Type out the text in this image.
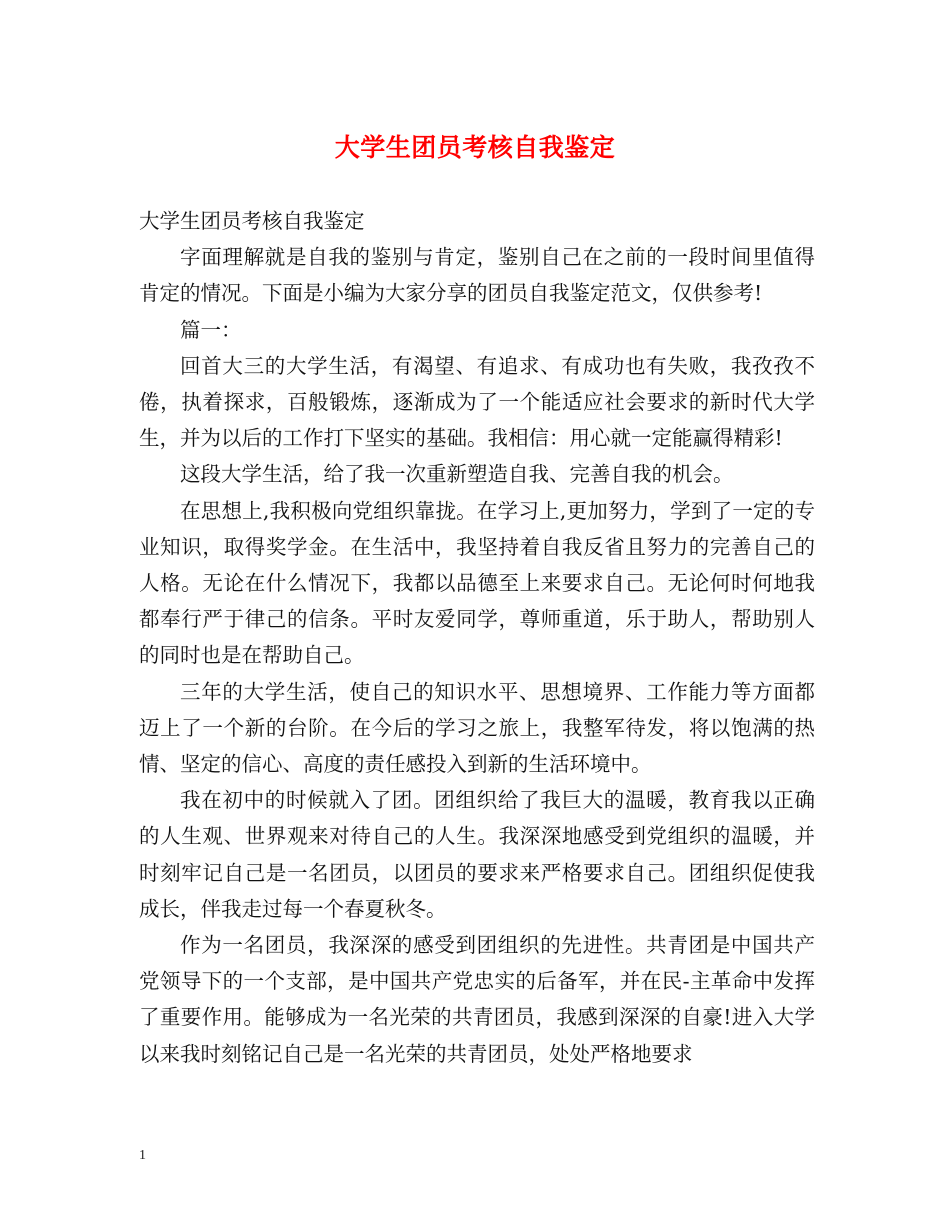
大学生团员考核自我鉴定

大学生团员考核自我鉴定

字面理解就是自我的鉴别与肯定，鉴别自己在之前的一段时间里值得肯定的情况。下面是小编为大家分享的团员自我鉴定范文，仅供参考!

篇一：

回首大三的大学生活，有渴望、有追求、有成功也有失败，我孜孜不倦，执着探求，百般锻炼，逐渐成为了一个能适应社会要求的新时代大学生，并为以后的工作打下坚实的基础。我相信：用心就一定能赢得精彩!

这段大学生活，给了我一次重新塑造自我、完善自我的机会。

在思想上,我积极向党组织靠拢。在学习上,更加努力，学到了一定的专业知识，取得奖学金。在生活中，我坚持着自我反省且努力的完善自己的人格。无论在什么情况下，我都以品德至上来要求自己。无论何时何地我都奉行严于律己的信条。平时友爱同学，尊师重道，乐于助人，帮助别人的同时也是在帮助自己。

三年的大学生活，使自己的知识水平、思想境界、工作能力等方面都迈上了一个新的台阶。在今后的学习之旅上，我整军待发，将以饱满的热情、坚定的信心、高度的责任感投入到新的生活环境中。

我在初中的时候就入了团。团组织给了我巨大的温暖，教育我以正确的人生观、世界观来对待自己的人生。我深深地感受到党组织的温暖，并时刻牢记自己是一名团员，以团员的要求来严格要求自己。团组织促使我成长，伴我走过每一个春夏秋冬。

作为一名团员，我深深的感受到团组织的先进性。共青团是中国共产党领导下的一个支部，是中国共产党忠实的后备军，并在民-主革命中发挥了重要作用。能够成为一名光荣的共青团员，我感到深深的自豪!进入大学以来我时刻铭记自己是一名光荣的共青团员，处处严格地要求

1
